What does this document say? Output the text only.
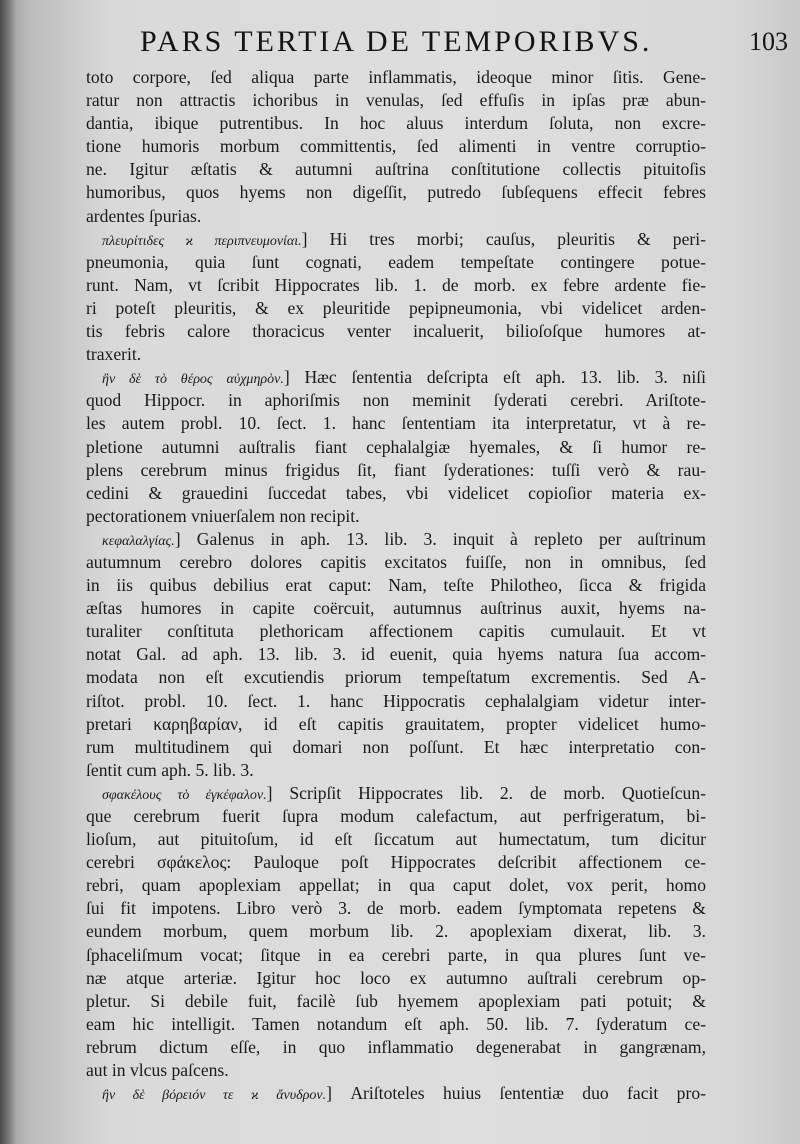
PARS TERTIA DE TEMPORIBVS.	103
toto corpore, ſed aliqua parte inflammatis, ideoque minor ſitis. Gene-
ratur non attractis ichoribus in venulas, ſed effuſis in ipſas præ abun-
dantia, ibique putrentibus. In hoc aluus interdum ſoluta, non excre-
tione humoris morbum committentis, ſed alimenti in ventre corruptio-
ne. Igitur æſtatis & autumni auſtrina conſtitutione collectis pituitoſis
humoribus, quos hyems non digeſſit, putredo ſubſequens effecit febres
ardentes ſpurias.
πλευρίτιδες ϰ περιπνευμονίαι.] Hi tres morbi; cauſus, pleuritis & peri-
pneumonia, quia ſunt cognati, eadem tempeſtate contingere potue-
runt. Nam, vt ſcribit Hippocrates lib. 1. de morb. ex febre ardente fie-
ri poteſt pleuritis, & ex pleuritide pepipneumonia, vbi videlicet arden-
tis febris calore thoracicus venter incaluerit, bilioſoſque humores at-
traxerit.
ἢν δὲ τὸ θέρος αὐχμηρὸν.] Hæc ſententia deſcripta eſt aph. 13. lib. 3. niſi
quod Hippocr. in aphoriſmis non meminit ſyderati cerebri. Ariſtote-
les autem probl. 10. ſect. 1. hanc ſententiam ita interpretatur, vt à re-
pletione autumni auſtralis fiant cephalalgiæ hyemales, & ſi humor re-
plens cerebrum minus frigidus ſit, fiant ſyderationes: tuſſi verò & rau-
cedini & grauedini ſuccedat tabes, vbi videlicet copioſior materia ex-
pectorationem vniuerſalem non recipit.
κεφαλαλγίας.] Galenus in aph. 13. lib. 3. inquit à repleto per auſtrinum
autumnum cerebro dolores capitis excitatos fuiſſe, non in omnibus, ſed
in iis quibus debilius erat caput: Nam, teſte Philotheo, ſicca & frigida
æſtas humores in capite coërcuit, autumnus auſtrinus auxit, hyems na-
turaliter conſtituta plethoricam affectionem capitis cumulauit. Et vt
notat Gal. ad aph. 13. lib. 3. id euenit, quia hyems natura ſua accom-
modata non eſt excutiendis priorum tempeſtatum excrementis. Sed A-
riſtot. probl. 10. ſect. 1. hanc Hippocratis cephalalgiam videtur inter-
pretari καρηβαρίαν, id eſt capitis grauitatem, propter videlicet humo-
rum multitudinem qui domari non poſſunt. Et hæc interpretatio con-
ſentit cum aph. 5. lib. 3.
σφακέλους τὸ ἐγκέφαλον.] Scripſit Hippocrates lib. 2. de morb. Quotieſcun-
que cerebrum fuerit ſupra modum calefactum, aut perfrigeratum, bi-
lioſum, aut pituitoſum, id eſt ſiccatum aut humectatum, tum dicitur
cerebri σφάκελος: Pauloque poſt Hippocrates deſcribit affectionem ce-
rebri, quam apoplexiam appellat; in qua caput dolet, vox perit, homo
ſui fit impotens. Libro verò 3. de morb. eadem ſymptomata repetens &
eundem morbum, quem morbum lib. 2. apoplexiam dixerat, lib. 3.
ſphaceliſmum vocat; ſitque in ea cerebri parte, in qua plures ſunt ve-
næ atque arteriæ. Igitur hoc loco ex autumno auſtrali cerebrum op-
pletur. Si debile fuit, facilè ſub hyemem apoplexiam pati potuit; &
eam hic intelligit. Tamen notandum eſt aph. 50. lib. 7. ſyderatum ce-
rebrum dictum eſſe, in quo inflammatio degenerabat in gangrænam,
aut in vlcus paſcens.
ἢν δὲ βόρειόν τε ϰ ἄνυδρον.] Ariſtoteles huius ſententiæ duo facit pro-
